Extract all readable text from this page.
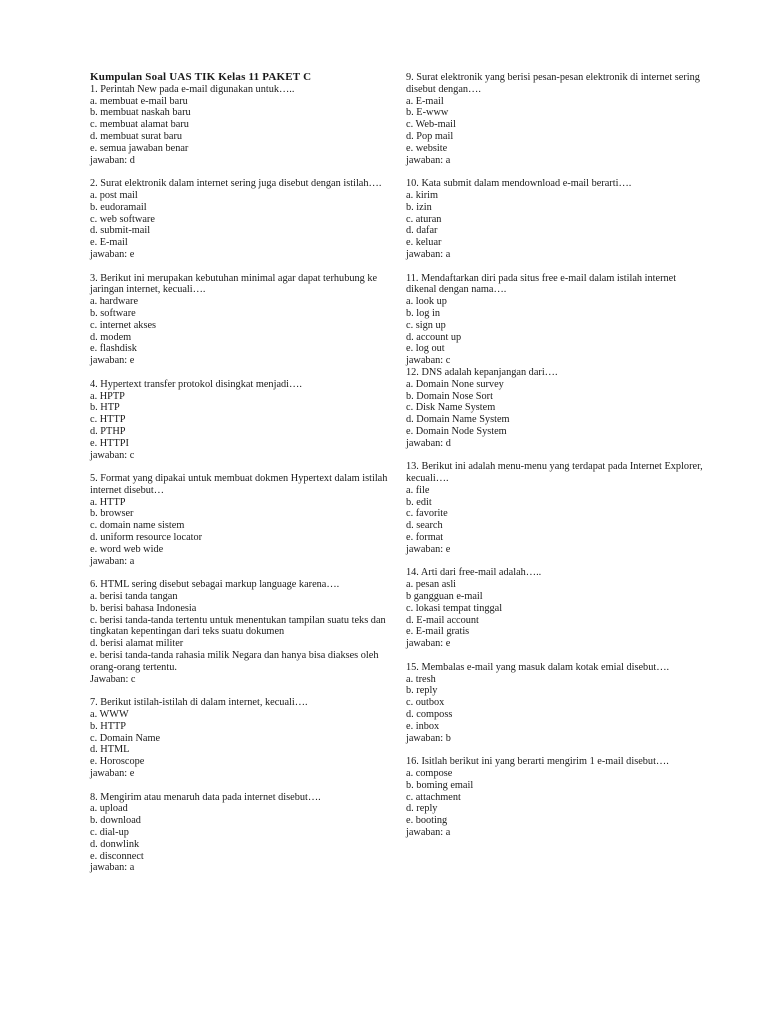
Kumpulan Soal UAS TIK Kelas 11 PAKET C
1. Perintah New pada e-mail digunakan untuk…..
a. membuat e-mail baru
b. membuat naskah baru
c. membuat alamat baru
d. membuat surat baru
e. semua jawaban benar
jawaban: d
2. Surat elektronik dalam internet sering juga disebut dengan istilah….
a. post mail
b. eudoramail
c. web software
d. submit-mail
e. E-mail
jawaban: e
3. Berikut ini merupakan kebutuhan minimal agar dapat terhubung ke jaringan internet, kecuali….
a. hardware
b. software
c. internet akses
d. modem
e. flashdisk
jawaban: e
4. Hypertext transfer protokol disingkat menjadi….
a. HPTP
b. HTP
c. HTTP
d. PTHP
e. HTTPI
jawaban: c
5. Format yang dipakai untuk membuat dokmen Hypertext dalam istilah internet disebut…
a. HTTP
b. browser
c. domain name sistem
d. uniform resource locator
e. word web wide
jawaban: a
6. HTML sering disebut sebagai markup language karena….
a. berisi tanda tangan
b. berisi bahasa Indonesia
c. berisi tanda-tanda tertentu untuk menentukan tampilan suatu teks dan tingkatan kepentingan dari teks suatu dokumen
d. berisi alamat militer
e. berisi tanda-tanda rahasia milik Negara dan hanya bisa diakses oleh orang-orang tertentu.
Jawaban: c
7. Berikut istilah-istilah di dalam internet, kecuali….
a. WWW
b. HTTP
c. Domain Name
d. HTML
e. Horoscope
jawaban: e
8. Mengirim atau menaruh data pada internet disebut….
a. upload
b. download
c. dial-up
d. donwlink
e. disconnect
jawaban: a
9. Surat elektronik yang berisi pesan-pesan elektronik di internet sering disebut dengan….
a. E-mail
b. E-www
c. Web-mail
d. Pop mail
e. website
jawaban: a
10. Kata submit dalam mendownload e-mail berarti….
a. kirim
b. izin
c. aturan
d. dafar
e. keluar
jawaban: a
11. Mendaftarkan diri pada situs free e-mail dalam istilah internet dikenal dengan nama….
a. look up
b. log in
c. sign up
d. account up
e. log out
jawaban: c
12. DNS adalah kepanjangan dari….
a. Domain None survey
b. Domain Nose Sort
c. Disk Name System
d. Domain Name System
e. Domain Node System
jawaban: d
13. Berikut ini adalah menu-menu yang terdapat pada Internet Explorer, kecuali….
a. file
b. edit
c. favorite
d. search
e. format
jawaban: e
14. Arti dari free-mail adalah…..
a. pesan asli
b gangguan e-mail
c. lokasi tempat tinggal
d. E-mail account
e. E-mail gratis
jawaban: e
15. Membalas e-mail yang masuk dalam kotak emial disebut….
a. tresh
b. reply
c. outbox
d. composs
e. inbox
jawaban: b
16. Isitlah berikut ini yang berarti mengirim 1 e-mail disebut….
a. compose
b. boming email
c. attachment
d. reply
e. booting
jawaban: a
